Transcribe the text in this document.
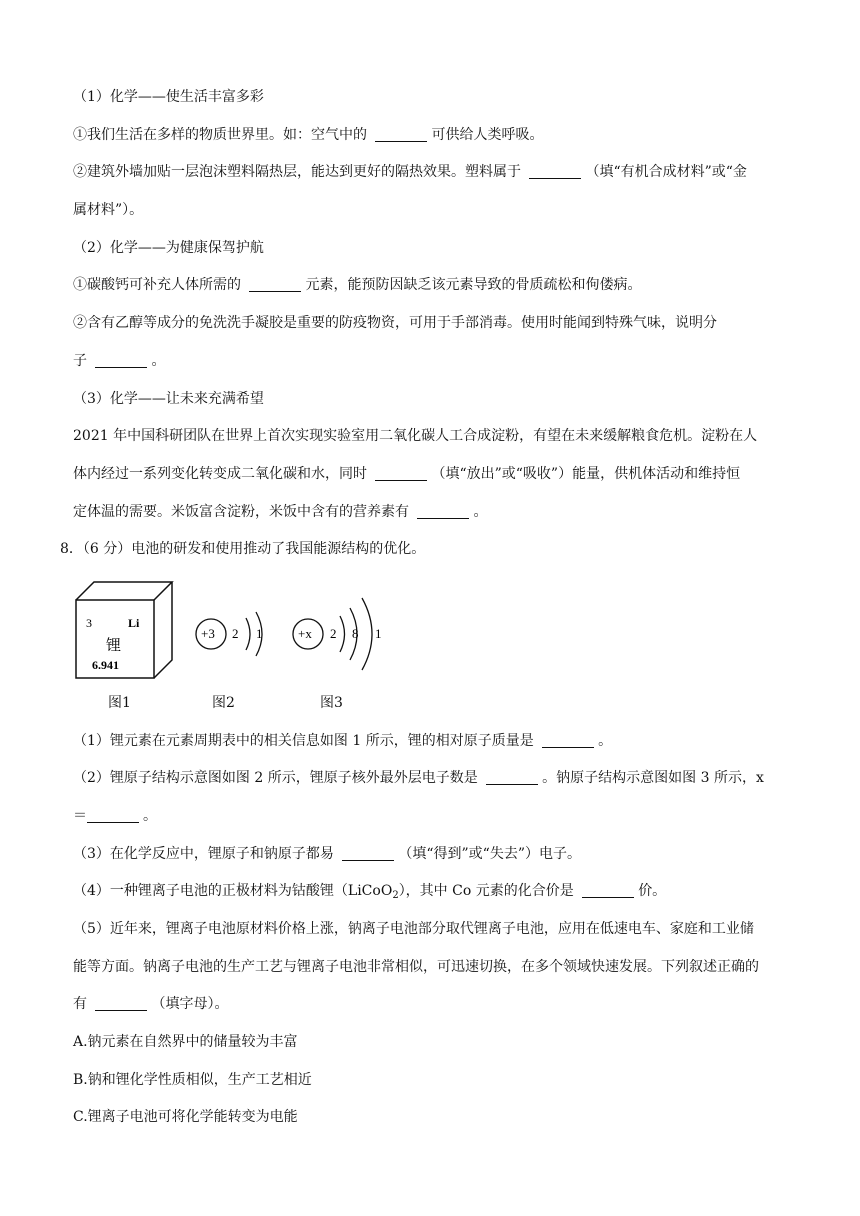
（1）化学——使生活丰富多彩
①我们生活在多样的物质世界里。如：空气中的	可供给人类呼吸。
②建筑外墙加贴一层泡沫塑料隔热层，能达到更好的隔热效果。塑料属于	（填“有机合成材料”或“金
属材料”）。
（2）化学——为健康保驾护航
①碳酸钙可补充人体所需的	元素，能预防因缺乏该元素导致的骨质疏松和佝偻病。
②含有乙醇等成分的免洗洗手凝胶是重要的防疫物资，可用于手部消毒。使用时能闻到特殊气味，说明分
子	。
（3）化学——让未来充满希望
2021 年中国科研团队在世界上首次实现实验室用二氧化碳人工合成淀粉，有望在未来缓解粮食危机。淀粉在人
体内经过一系列变化转变成二氧化碳和水，同时	（填“放出”或“吸收”）能量，供机体活动和维持恒
定体温的需要。米饭富含淀粉，米饭中含有的营养素有	。
8．（6 分）电池的研发和使用推动了我国能源结构的优化。
3	Li
锂
6.941
+3 2 1	+x 2 8 1
图1	图2	图3
（1）锂元素在元素周期表中的相关信息如图 1 所示，锂的相对原子质量是	。
（2）锂原子结构示意图如图 2 所示，锂原子核外最外层电子数是	。钠原子结构示意图如图 3 所示，x
＝	。
（3）在化学反应中，锂原子和钠原子都易	（填“得到”或“失去”）电子。
（4）一种锂离子电池的正极材料为钴酸锂（LiCoO$_2$），其中 Co 元素的化合价是	价。
（5）近年来，锂离子电池原材料价格上涨，钠离子电池部分取代锂离子电池，应用在低速电车、家庭和工业储
能等方面。钠离子电池的生产工艺与锂离子电池非常相似，可迅速切换，在多个领域快速发展。下列叙述正确的
有	（填字母）。
A.钠元素在自然界中的储量较为丰富
B.钠和锂化学性质相似，生产工艺相近
C.锂离子电池可将化学能转变为电能
